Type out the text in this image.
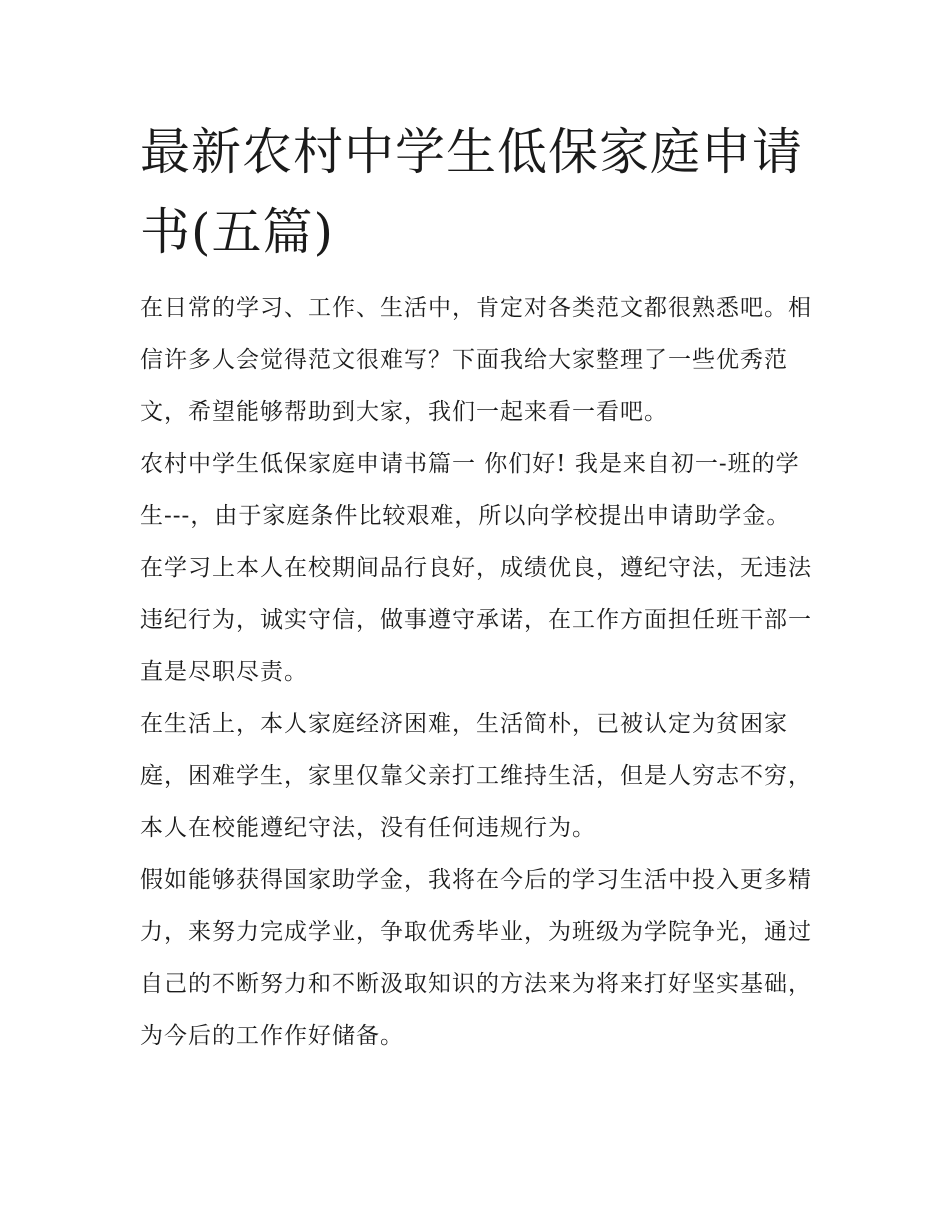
最新农村中学生低保家庭申请书(五篇)

在日常的学习、工作、生活中，肯定对各类范文都很熟悉吧。相信许多人会觉得范文很难写？下面我给大家整理了一些优秀范文，希望能够帮助到大家，我们一起来看一看吧。

农村中学生低保家庭申请书篇一 你们好! 我是来自初一-班的学生---，由于家庭条件比较艰难，所以向学校提出申请助学金。

在学习上本人在校期间品行良好，成绩优良，遵纪守法，无违法违纪行为，诚实守信，做事遵守承诺，在工作方面担任班干部一直是尽职尽责。

在生活上，本人家庭经济困难，生活简朴，已被认定为贫困家庭，困难学生，家里仅靠父亲打工维持生活，但是人穷志不穷，本人在校能遵纪守法，没有任何违规行为。

假如能够获得国家助学金，我将在今后的学习生活中投入更多精力，来努力完成学业，争取优秀毕业，为班级为学院争光，通过自己的不断努力和不断汲取知识的方法来为将来打好坚实基础，为今后的工作作好储备。
